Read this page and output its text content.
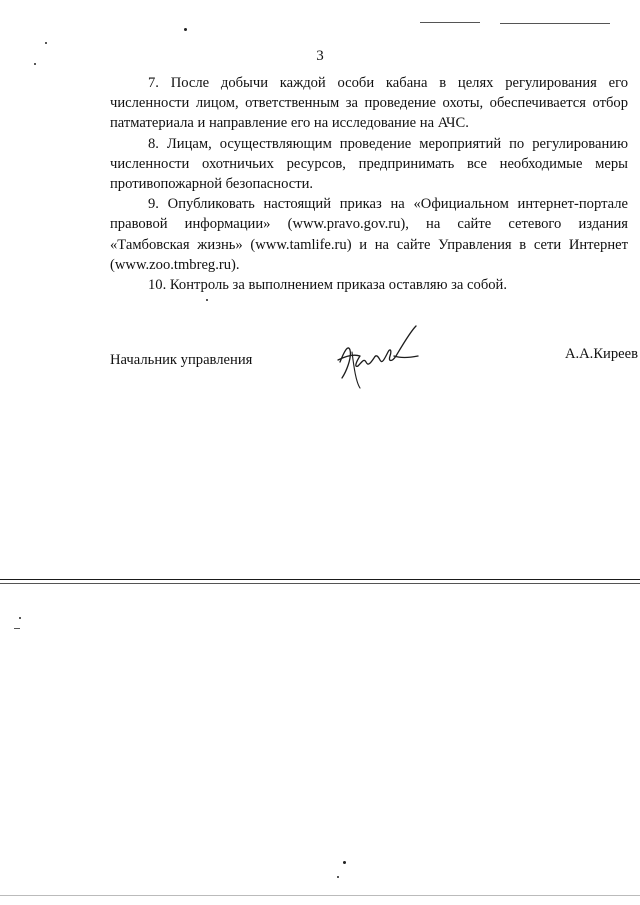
3

7. После добычи каждой особи кабана в целях регулирования его численности лицом, ответственным за проведение охоты, обеспечивается отбор патматериала и направление его на исследование на АЧС.

8. Лицам, осуществляющим проведение мероприятий по регулированию численности охотничьих ресурсов, предпринимать все необходимые меры противопожарной безопасности.

9. Опубликовать настоящий приказ на «Официальном интернет-портале правовой информации» (www.pravo.gov.ru), на сайте сетевого издания «Тамбовская жизнь» (www.tamlife.ru) и на сайте Управления в сети Интернет (www.zoo.tmbreg.ru).

10. Контроль за выполнением приказа оставляю за собой.

Начальник управления	А.А.Киреев
